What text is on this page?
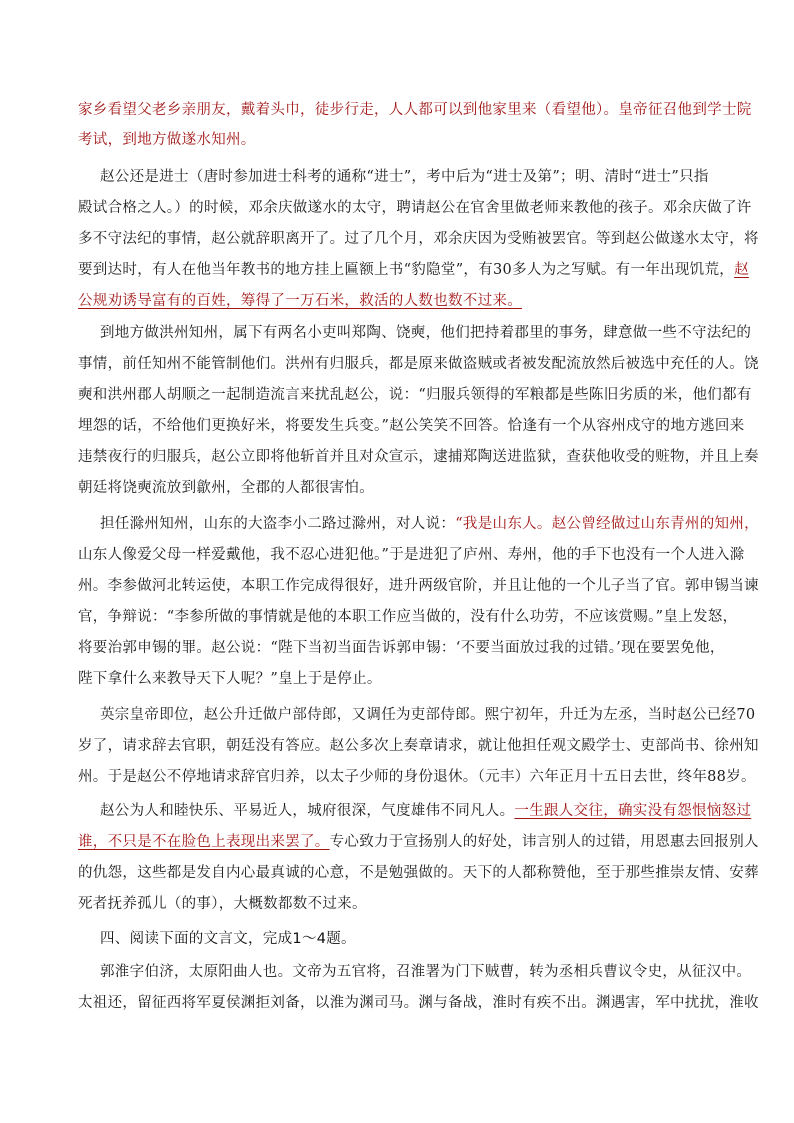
家乡看望父老乡亲朋友，戴着头巾，徒步行走，人人都可以到他家里来（看望他）。皇帝征召他到学士院
考试，到地方做遂水知州。
赵公还是进士（唐时参加进士科考的通称“进士”，考中后为“进士及第”；明、清时“进士”只指
殿试合格之人。）的时候，邓余庆做遂水的太守，聘请赵公在官舍里做老师来教他的孩子。邓余庆做了许
多不守法纪的事情，赵公就辞职离开了。过了几个月，邓余庆因为受贿被罢官。等到赵公做遂水太守，将
要到达时，有人在他当年教书的地方挂上匾额上书“豹隐堂”，有30多人为之写赋。有一年出现饥荒，赵
公规劝诱导富有的百姓，筹得了一万石米，救活的人数也数不过来。
到地方做洪州知州，属下有两名小吏叫郑陶、饶奭，他们把持着郡里的事务，肆意做一些不守法纪的
事情，前任知州不能管制他们。洪州有归服兵，都是原来做盗贼或者被发配流放然后被选中充任的人。饶
奭和洪州郡人胡顺之一起制造流言来扰乱赵公，说：“归服兵领得的军粮都是些陈旧劣质的米，他们都有
埋怨的话，不给他们更换好米，将要发生兵变。”赵公笑笑不回答。恰逢有一个从容州戍守的地方逃回来
违禁夜行的归服兵，赵公立即将他斩首并且对众宣示，逮捕郑陶送进监狱，查获他收受的赃物，并且上奏
朝廷将饶奭流放到歙州，全郡的人都很害怕。
担任滁州知州，山东的大盗李小二路过滁州，对人说：“我是山东人。赵公曾经做过山东青州的知州，
山东人像爱父母一样爱戴他，我不忍心进犯他。”于是进犯了庐州、寿州，他的手下也没有一个人进入滁
州。李参做河北转运使，本职工作完成得很好，进升两级官阶，并且让他的一个儿子当了官。郭申锡当谏
官，争辩说：“李参所做的事情就是他的本职工作应当做的，没有什么功劳，不应该赏赐。”皇上发怒，
将要治郭申锡的罪。赵公说：“陛下当初当面告诉郭申锡：‘不要当面放过我的过错。’现在要罢免他，
陛下拿什么来教导天下人呢？”皇上于是停止。
英宗皇帝即位，赵公升迁做户部侍郎，又调任为吏部侍郎。熙宁初年，升迁为左丞，当时赵公已经70
岁了，请求辞去官职，朝廷没有答应。赵公多次上奏章请求，就让他担任观文殿学士、吏部尚书、徐州知
州。于是赵公不停地请求辞官归养，以太子少师的身份退休。（元丰）六年正月十五日去世，终年88岁。
赵公为人和睦快乐、平易近人，城府很深，气度雄伟不同凡人。一生跟人交往，确实没有怨恨恼怒过
谁，不只是不在脸色上表现出来罢了。专心致力于宣扬别人的好处，讳言别人的过错，用恩惠去回报别人
的仇怨，这些都是发自内心最真诚的心意，不是勉强做的。天下的人都称赞他，至于那些推崇友情、安葬
死者抚养孤儿（的事），大概数都数不过来。
四、阅读下面的文言文，完成1～4题。
郭淮字伯济，太原阳曲人也。文帝为五官将，召淮署为门下贼曹，转为丞相兵曹议令史，从征汉中。
太祖还，留征西将军夏侯渊拒刘备，以淮为渊司马。渊与备战，淮时有疾不出。渊遇害，军中扰扰，淮收
